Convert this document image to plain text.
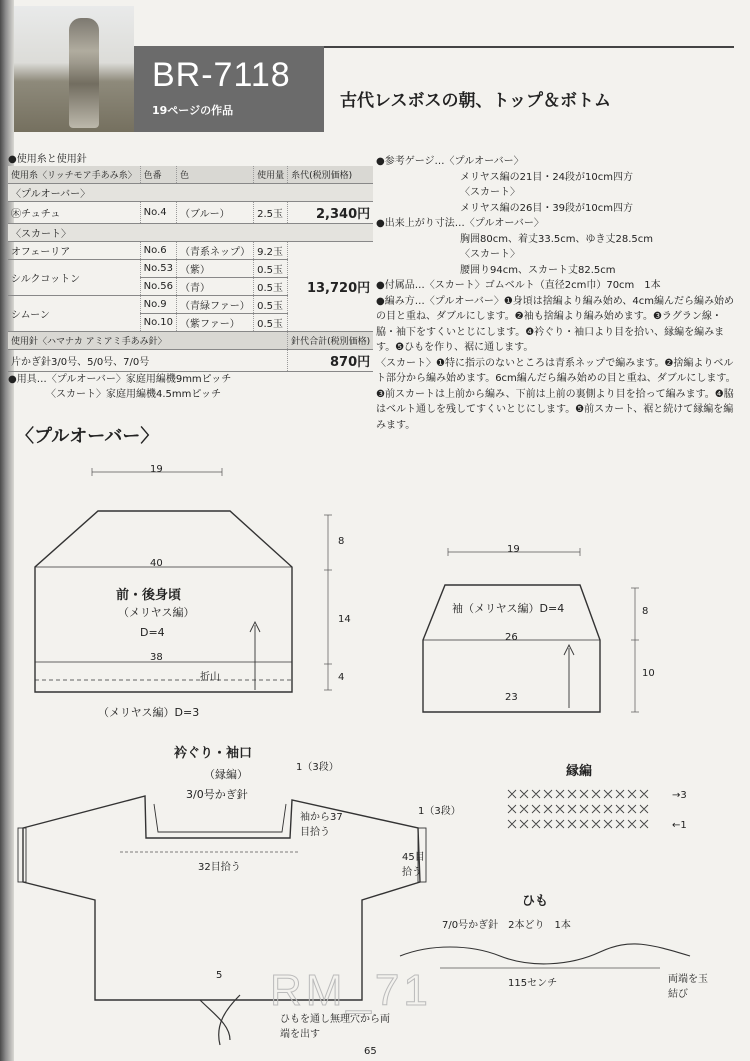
BR-7118
19ページの作品	古代レスボスの朝、トップ＆ボトム
●使用糸と使用針
使用糸〈リッチモア手あみ糸〉	色番	色	使用量	糸代(税別価格)
〈プルオーバー〉				
㊍チュチュ	No.4	（ブルー）	2.5玉	2,340円
〈スカート〉				
オフェーリア	No.6	（青系ネップ）	9.2玉	13,720円
シルクコットン	No.53	（紫）	0.5玉	
	No.56	（青）	0.5玉	
シムーン	No.9	（青緑ファー）	0.5玉	
	No.10	（紫ファー）	0.5玉	
使用針〈ハマナカ アミアミ手あみ針〉				針代合計(税別価格)
片かぎ針3/0号、5/0号、7/0号				870円
●用具…〈プルオーバー〉家庭用編機9mmピッチ
〈スカート〉家庭用編機4.5mmピッチ
〈プルオーバー〉

●参考ゲージ…〈プルオーバー〉

メリヤス編の21目・24段が10cm四方

〈スカート〉

メリヤス編の26目・39段が10cm四方

●出来上がり寸法…〈プルオーバー〉

胸囲80cm、着丈33.5cm、ゆき丈28.5cm

〈スカート〉

腰囲り94cm、スカート丈82.5cm

●付属品…〈スカート〉ゴムベルト（直径2cm巾）70cm　1本

●編み方…〈プルオーバー〉❶身頃は捨編より編み始め、4cm編んだら編み始めの目と重ね、ダブルにします。❷袖も捨編より編み始めます。❸ラグラン線・脇・袖下をすくいとじにします。❹衿ぐり・袖口より目を拾い、縁編を編みます。❺ひもを作り、裾に通します。

〈スカート〉❶特に指示のないところは青系ネップで編みます。❷捨編よりベルト部分から編み始めます。6cm編んだら編み始めの目と重ね、ダブルにします。❸前スカートは上前から編み、下前は上前の裏側より目を拾って編みます。❹脇はベルト通しを残してすくいとじにします。❺前スカート、裾と続けて縁編を編みます。

19
40
前・後身頃
（メリヤス編）
D=4
38
折山
（メリヤス編）D=3
8
14
4
19
袖（メリヤス編）D=4
26
23
8
10
衿ぐり・袖口
（縁編）
3/0号かぎ針
1（3段）
1（3段）
袖から37目拾う
32目拾う
45目拾う
5
ひもを通し無理穴から両端を出す
縁編
→3
←1
ひも
7/0号かぎ針　2本どり　1本
115センチ	両端を玉結び
RM_71
65
